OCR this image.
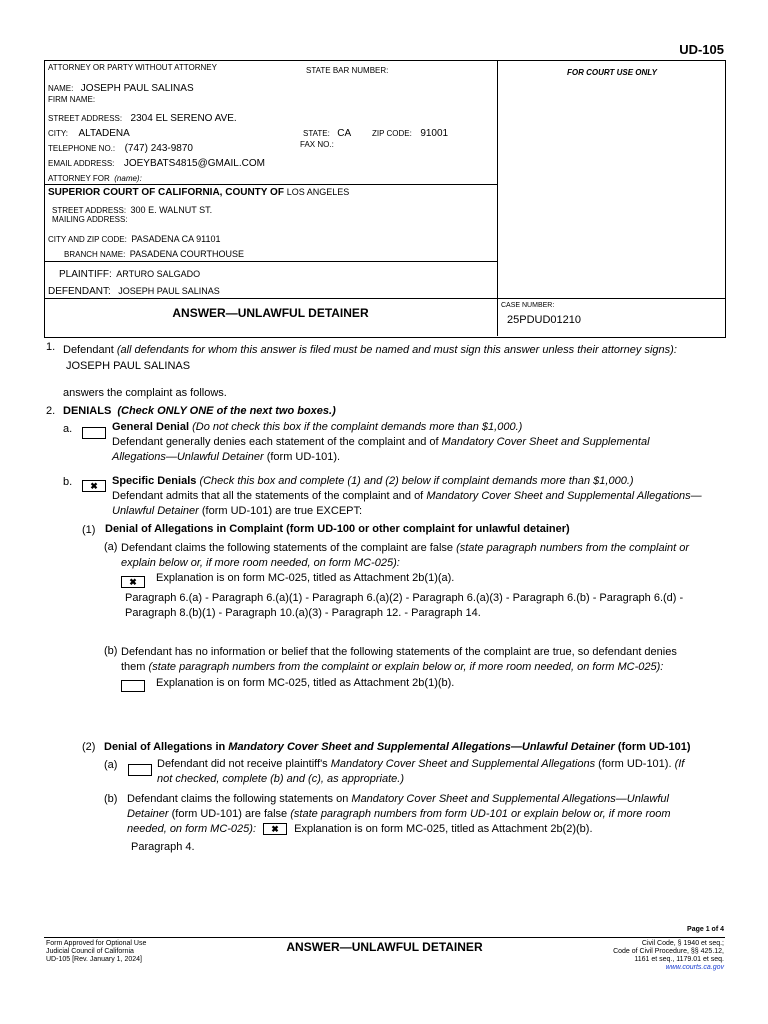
UD-105
ATTORNEY OR PARTY WITHOUT ATTORNEY	STATE BAR NUMBER:	FOR COURT USE ONLY
NAME: JOSEPH PAUL SALINAS
FIRM NAME:
STREET ADDRESS: 2304 EL SERENO AVE.
CITY: ALTADENA	STATE: CA	ZIP CODE: 91001
TELEPHONE NO.: (747) 243-9870	FAX NO.:
EMAIL ADDRESS: JOEYBATS4815@GMAIL.COM
ATTORNEY FOR (name):
SUPERIOR COURT OF CALIFORNIA, COUNTY OF LOS ANGELES
STREET ADDRESS: 300 E. WALNUT ST.
MAILING ADDRESS:
CITY AND ZIP CODE: PASADENA CA 91101
BRANCH NAME: PASADENA COURTHOUSE
PLAINTIFF: ARTURO SALGADO
DEFENDANT: JOSEPH PAUL SALINAS
ANSWER—UNLAWFUL DETAINER
CASE NUMBER:
25PDUD01210
1. Defendant (all defendants for whom this answer is filed must be named and must sign this answer unless their attorney signs):
JOSEPH PAUL SALINAS
answers the complaint as follows.
2. DENIALS (Check ONLY ONE of the next two boxes.)
a.	General Denial (Do not check this box if the complaint demands more than $1,000.)
Defendant generally denies each statement of the complaint and of Mandatory Cover Sheet and Supplemental
Allegations—Unlawful Detainer (form UD-101).
b.	✖	Specific Denials (Check this box and complete (1) and (2) below if complaint demands more than $1,000.)
Defendant admits that all the statements of the complaint and of Mandatory Cover Sheet and Supplemental Allegations—
Unlawful Detainer (form UD-101) are true EXCEPT:
(1) Denial of Allegations in Complaint (form UD-100 or other complaint for unlawful detainer)
(a) Defendant claims the following statements of the complaint are false (state paragraph numbers from the complaint or
explain below or, if more room needed, on form MC-025):
✖	Explanation is on form MC-025, titled as Attachment 2b(1)(a).
Paragraph 6.(a) - Paragraph 6.(a)(1) - Paragraph 6.(a)(2) - Paragraph 6.(a)(3) - Paragraph 6.(b) - Paragraph 6.(d) -
Paragraph 8.(b)(1) - Paragraph 10.(a)(3) - Paragraph 12. - Paragraph 14.
(b) Defendant has no information or belief that the following statements of the complaint are true, so defendant denies
them (state paragraph numbers from the complaint or explain below or, if more room needed, on form MC-025):
Explanation is on form MC-025, titled as Attachment 2b(1)(b).
(2) Denial of Allegations in Mandatory Cover Sheet and Supplemental Allegations—Unlawful Detainer (form UD-101)
(a)	Defendant did not receive plaintiff's Mandatory Cover Sheet and Supplemental Allegations (form UD-101). (If
not checked, complete (b) and (c), as appropriate.)
(b) Defendant claims the following statements on Mandatory Cover Sheet and Supplemental Allegations—Unlawful
Detainer (form UD-101) are false (state paragraph numbers from form UD-101 or explain below or, if more room
needed, on form MC-025): ✖ Explanation is on form MC-025, titled as Attachment 2b(2)(b).
Paragraph 4.
Page 1 of 4
Form Approved for Optional Use
Judicial Council of California
UD-105 [Rev. January 1, 2024]
ANSWER—UNLAWFUL DETAINER	Civil Code, § 1940 et seq.;
Code of Civil Procedure, §§ 425.12,
1161 et seq., 1179.01 et seq.
www.courts.ca.gov
